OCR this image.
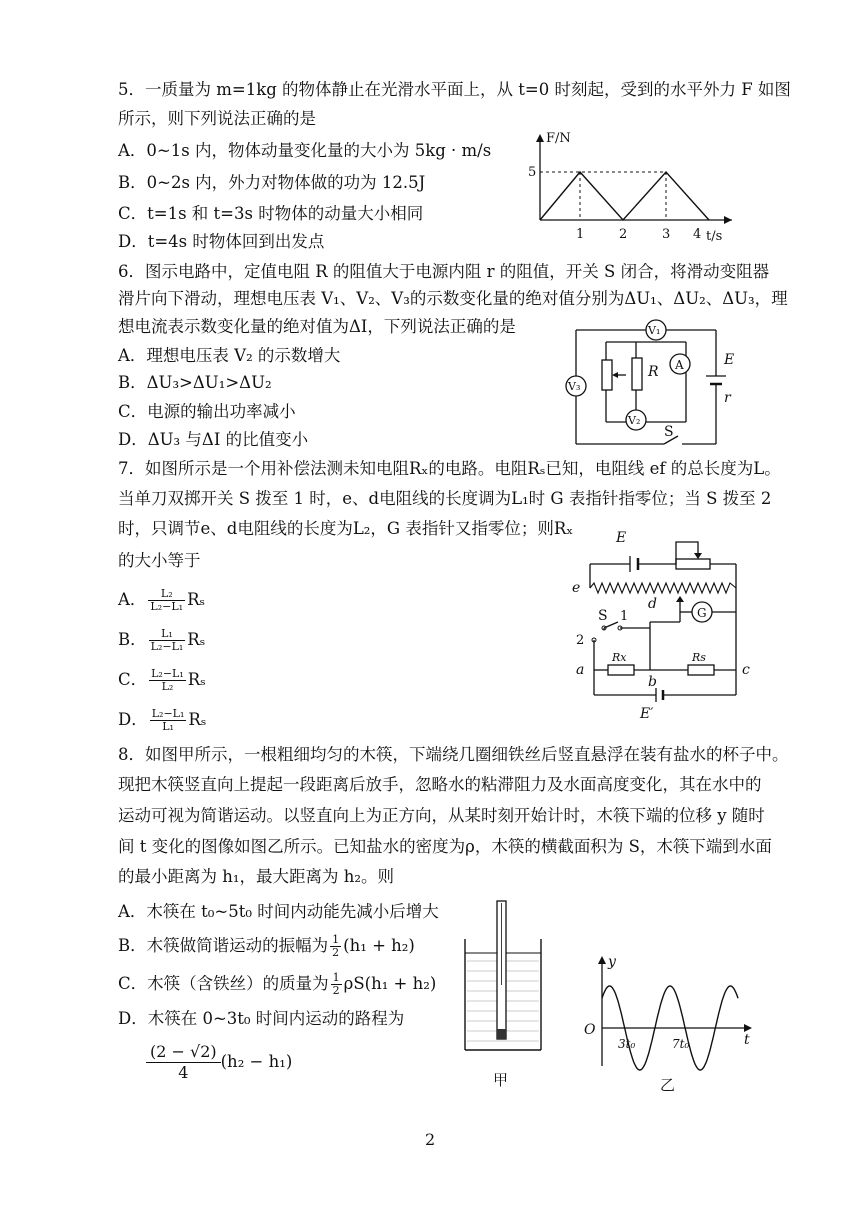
5．一质量为 m=1kg 的物体静止在光滑水平面上，从 t=0 时刻起，受到的水平外力 F 如图
所示，则下列说法正确的是
A．0~1s 内，物体动量变化量的大小为 5kg · m/s
B．0~2s 内，外力对物体做的功为 12.5J
C．t=1s 和 t=3s 时物体的动量大小相同
D．t=4s 时物体回到出发点
F/N
t/s
5
1	2	3 4
6．图示电路中，定值电阻 R 的阻值大于电源内阻 r 的阻值，开关 S 闭合，将滑动变阻器
滑片向下滑动，理想电压表 V₁、V₂、V₃的示数变化量的绝对值分别为ΔU₁、ΔU₂、ΔU₃，理
想电流表示数变化量的绝对值为ΔI，下列说法正确的是
A．理想电压表 V₂ 的示数增大
B．ΔU₃>ΔU₁>ΔU₂
C．电源的输出功率减小
D．ΔU₃ 与ΔI 的比值变小
E
r
R A
V₁
V₂
V₃
S
7．如图所示是一个用补偿法测未知电阻Rₓ的电路。电阻Rₛ已知，电阻线 ef 的总长度为L。
当单刀双掷开关 S 拨至 1 时，e、d电阻线的长度调为L₁时 G 表指针指零位；当 S 拨至 2
时，只调节e、d电阻线的长度为L₂，G 表指针又指零位；则Rₓ
的大小等于
A． $\frac{\text{L₂}}{\text{L₂−L₁}}$ Rₛ
B． $\frac{\text{L₁}}{\text{L₂−L₁}}$ Rₛ
C． $\frac{\text{L₂−L₁}}{\text{L₂}}$ Rₛ
D． $\frac{\text{L₂−L₁}}{\text{L₁}}$ Rₛ
E
e
d
G
S 1
2
a
Rx	Rs
c
b
E′
8．如图甲所示，一根粗细均匀的木筷，下端绕几圈细铁丝后竖直悬浮在装有盐水的杯子中。
现把木筷竖直向上提起一段距离后放手，忽略水的粘滞阻力及水面高度变化，其在水中的
运动可视为简谐运动。以竖直向上为正方向，从某时刻开始计时，木筷下端的位移 y 随时
间 t 变化的图像如图乙所示。已知盐水的密度为ρ，木筷的横截面积为 S，木筷下端到水面
的最小距离为 h₁，最大距离为 h₂。则
A．木筷在 t₀~5t₀ 时间内动能先减小后增大
B．木筷做简谐运动的振幅为 $\frac{1}{2} (h_1 + h_2)$
C．木筷（含铁丝）的质量为 $\frac{1}{2} \rho S(h_1 + h_2)$
D．木筷在 0~3t₀ 时间内运动的路程为
$\frac{(2 - √2)}{4} (h_2 - h_1)$
甲
y
t
O
3t₀	7t₀
乙
2
